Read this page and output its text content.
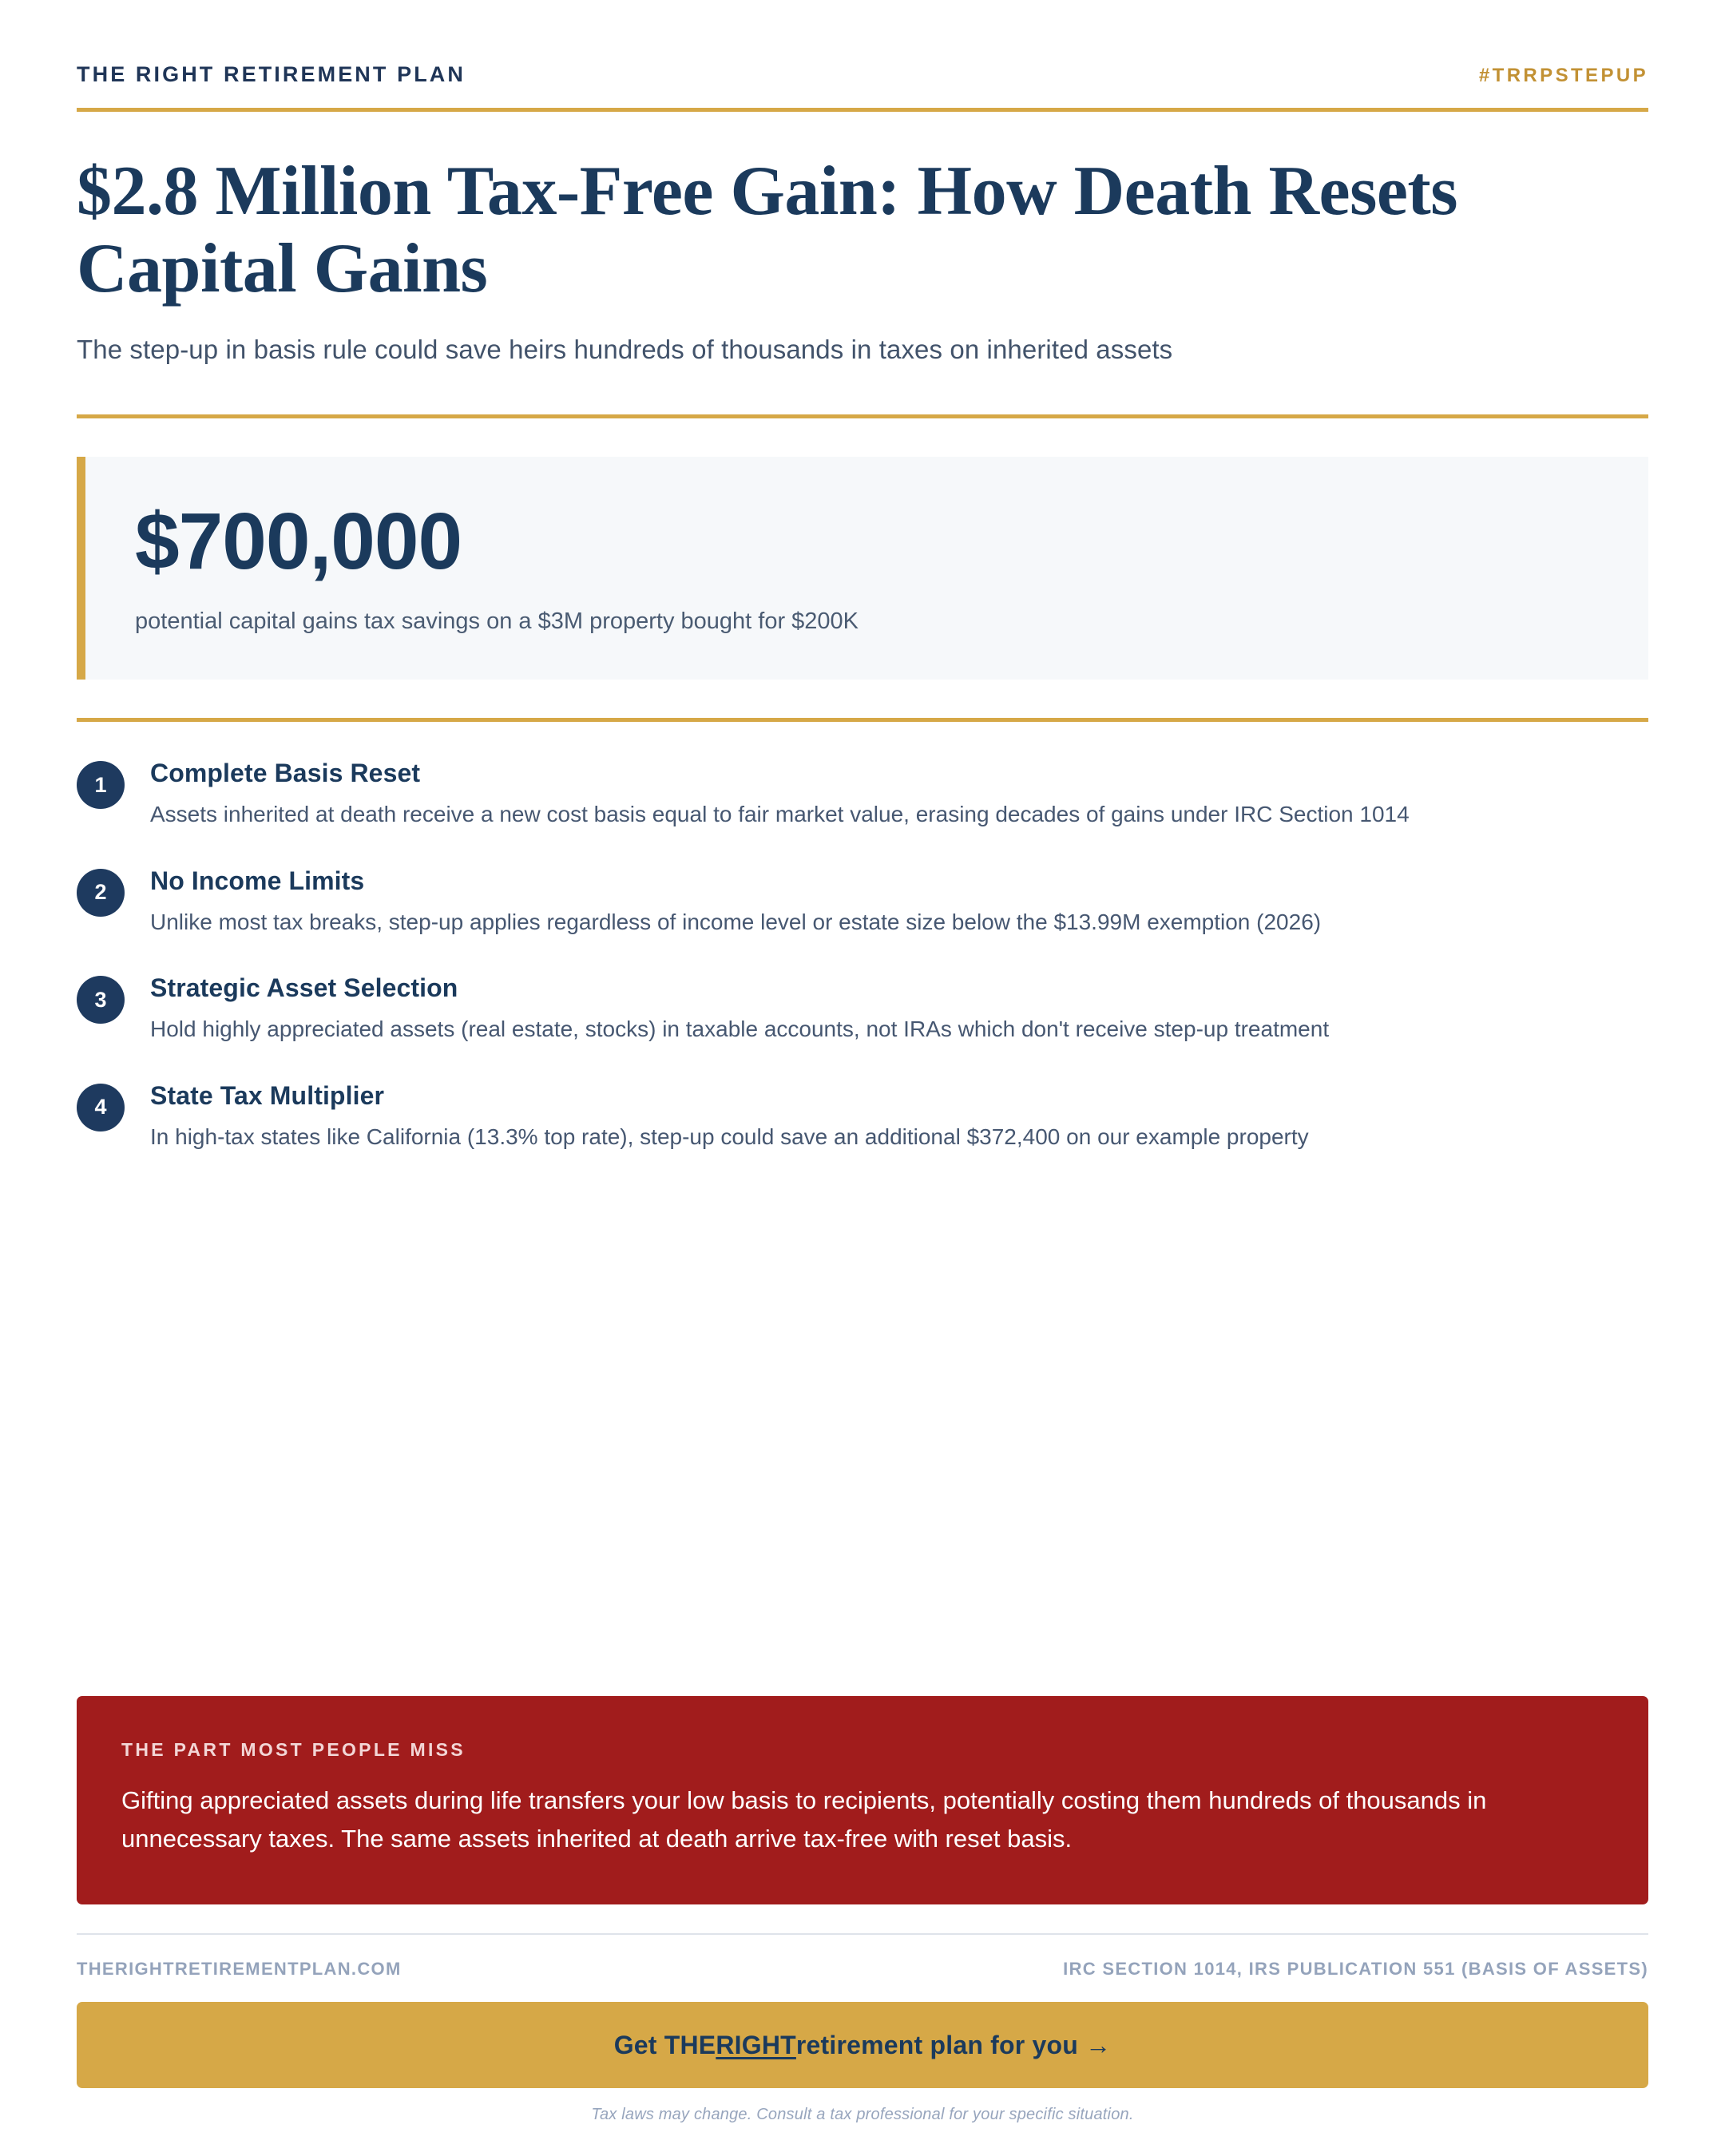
THE RIGHT RETIREMENT PLAN	#TRRPSTEPUP
$2.8 Million Tax-Free Gain: How Death Resets Capital Gains

The step-up in basis rule could save heirs hundreds of thousands in taxes on inherited assets

$700,000
potential capital gains tax savings on a $3M property bought for $200K
1	Complete Basis Reset
Assets inherited at death receive a new cost basis equal to fair market value, erasing decades of gains under IRC Section 1014
2	No Income Limits
Unlike most tax breaks, step-up applies regardless of income level or estate size below the $13.99M exemption (2026)
3	Strategic Asset Selection
Hold highly appreciated assets (real estate, stocks) in taxable accounts, not IRAs which don't receive step-up treatment
4	State Tax Multiplier
In high-tax states like California (13.3% top rate), step-up could save an additional $372,400 on our example property
THE PART MOST PEOPLE MISS
Gifting appreciated assets during life transfers your low basis to recipients, potentially costing them hundreds of thousands in unnecessary taxes. The same assets inherited at death arrive tax-free with reset basis.
THERIGHTRETIREMENTPLAN.COM	IRC SECTION 1014, IRS PUBLICATION 551 (BASIS OF ASSETS)
Get THE RIGHT retirement plan for you →
Tax laws may change. Consult a tax professional for your specific situation.
